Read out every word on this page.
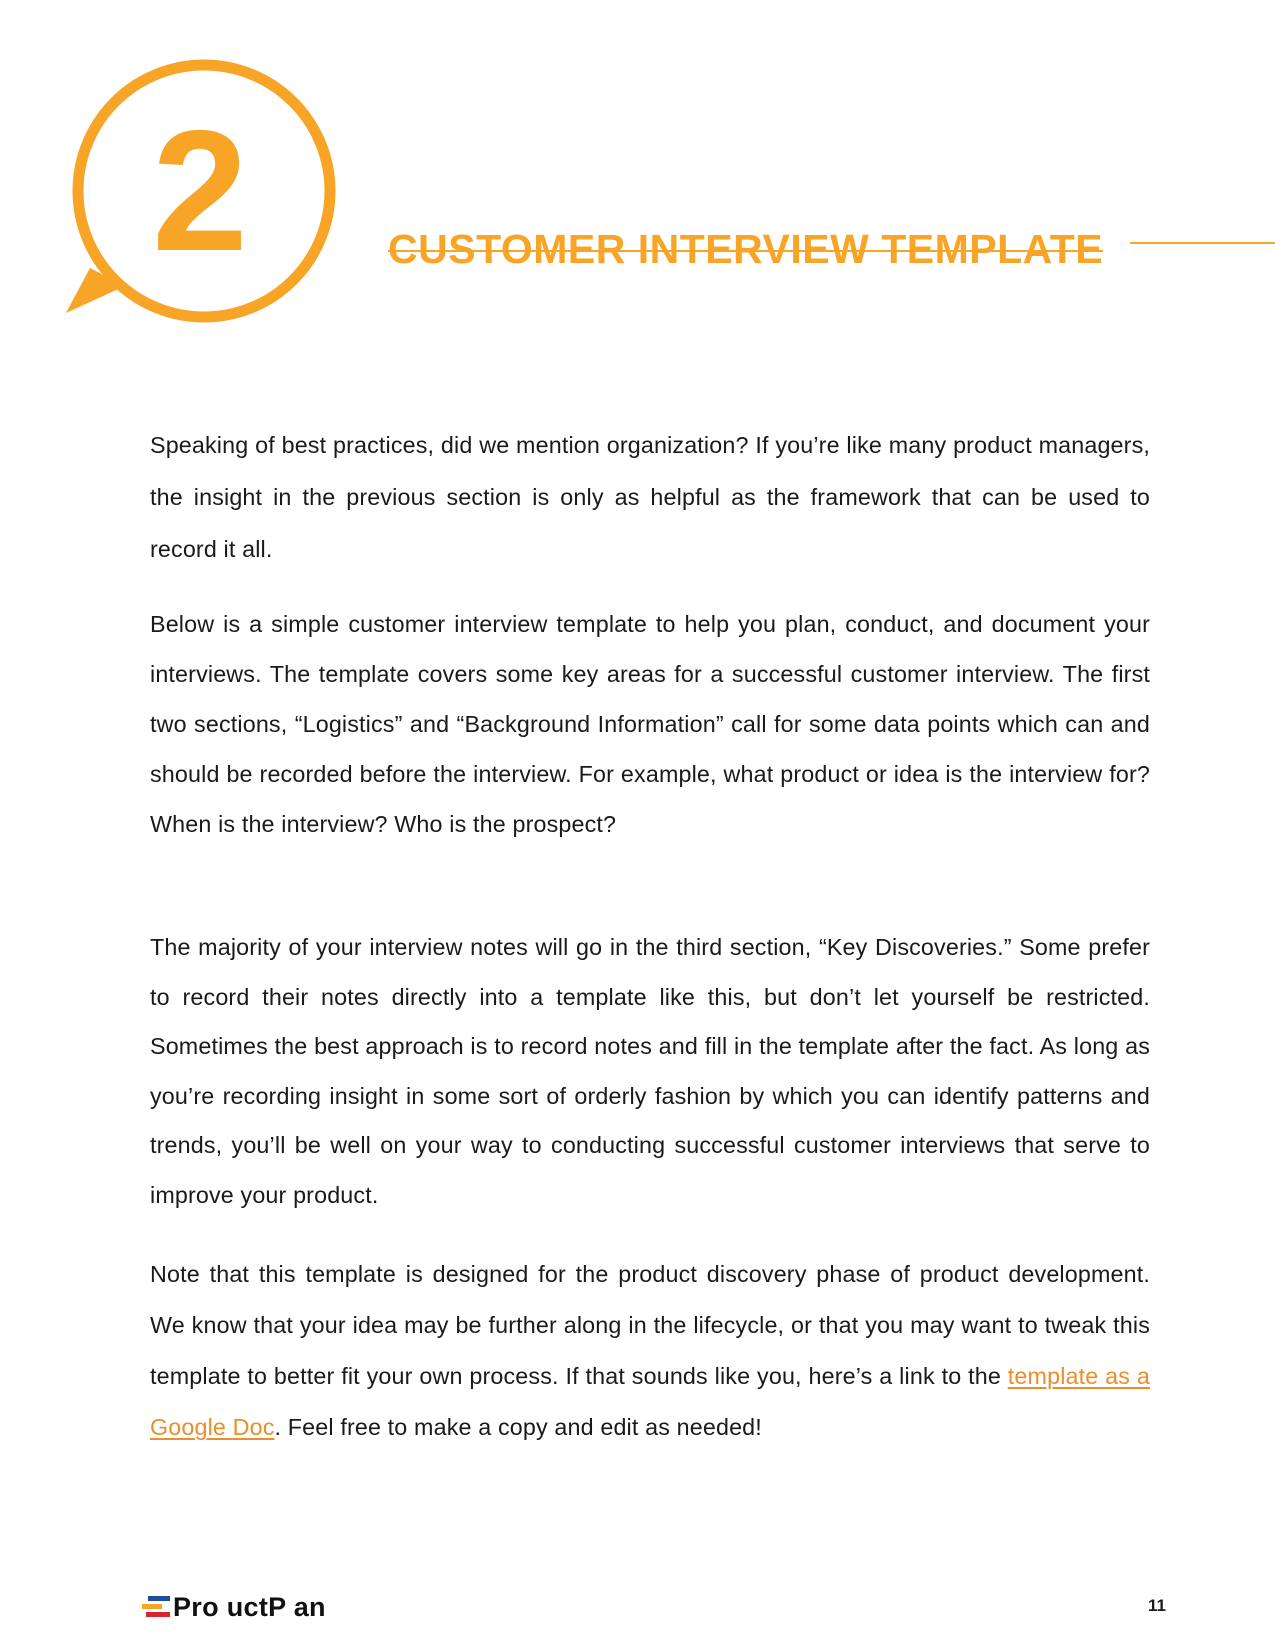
2	CUSTOMER INTERVIEW TEMPLATE

Speaking of best practices, did we mention organization? If you’re like many product managers, the insight in the previous section is only as helpful as the framework that can be used to record it all.

Below is a simple customer interview template to help you plan, conduct, and document your interviews. The template covers some key areas for a successful customer interview. The first two sections, “Logistics” and “Background Information” call for some data points which can and should be recorded before the interview. For example, what product or idea is the interview for? When is the interview? Who is the prospect?

The majority of your interview notes will go in the third section, “Key Discoveries.” Some prefer to record their notes directly into a template like this, but don’t let yourself be restricted. Sometimes the best approach is to record notes and fill in the template after the fact. As long as you’re recording insight in some sort of orderly fashion by which you can identify patterns and trends, you’ll be well on your way to conducting successful customer interviews that serve to improve your product.

Note that this template is designed for the product discovery phase of product development. We know that your idea may be further along in the lifecycle, or that you may want to tweak this template to better fit your own process. If that sounds like you, here’s a link to the template as a Google Doc. Feel free to make a copy and edit as needed!

Pro uctP an	11
